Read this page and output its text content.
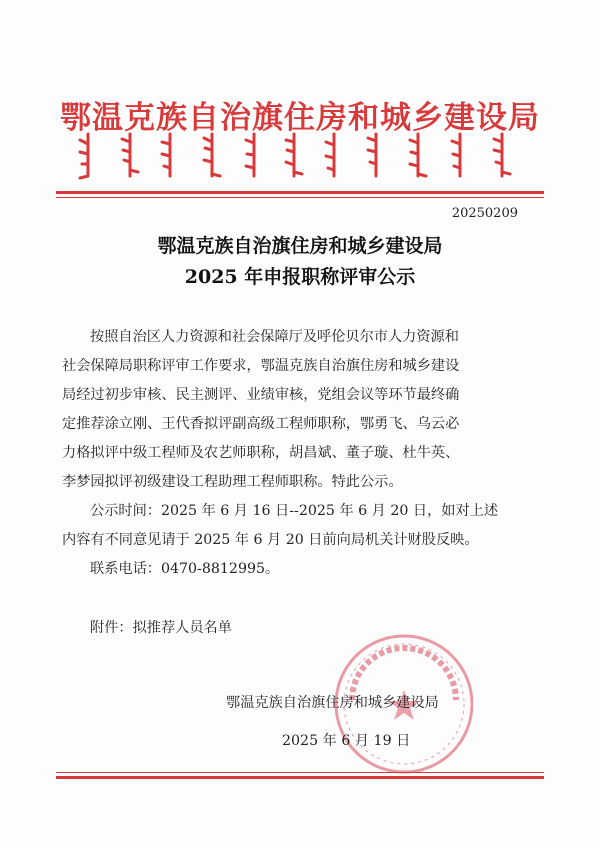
鄂温克族自治旗住房和城乡建设局
20250209
鄂温克族自治旗住房和城乡建设局
2025 年申报职称评审公示
按照自治区人力资源和社会保障厅及呼伦贝尔市人力资源和
社会保障局职称评审工作要求，鄂温克族自治旗住房和城乡建设
局经过初步审核、民主测评、业绩审核，党组会议等环节最终确
定推荐涂立刚、王代香拟评副高级工程师职称，鄂勇飞、乌云必
力格拟评中级工程师及农艺师职称，胡昌斌、董子璇、杜牛英、
李梦园拟评初级建设工程助理工程师职称。特此公示。
公示时间：2025 年 6 月 16 日--2025 年 6 月 20 日，如对上述
内容有不同意见请于 2025 年 6 月 20 日前向局机关计财股反映。
联系电话：0470-8812995。
附件：拟推荐人员名单
鄂温克族自治旗住房和城乡建设局
2025 年 6 月 19 日
